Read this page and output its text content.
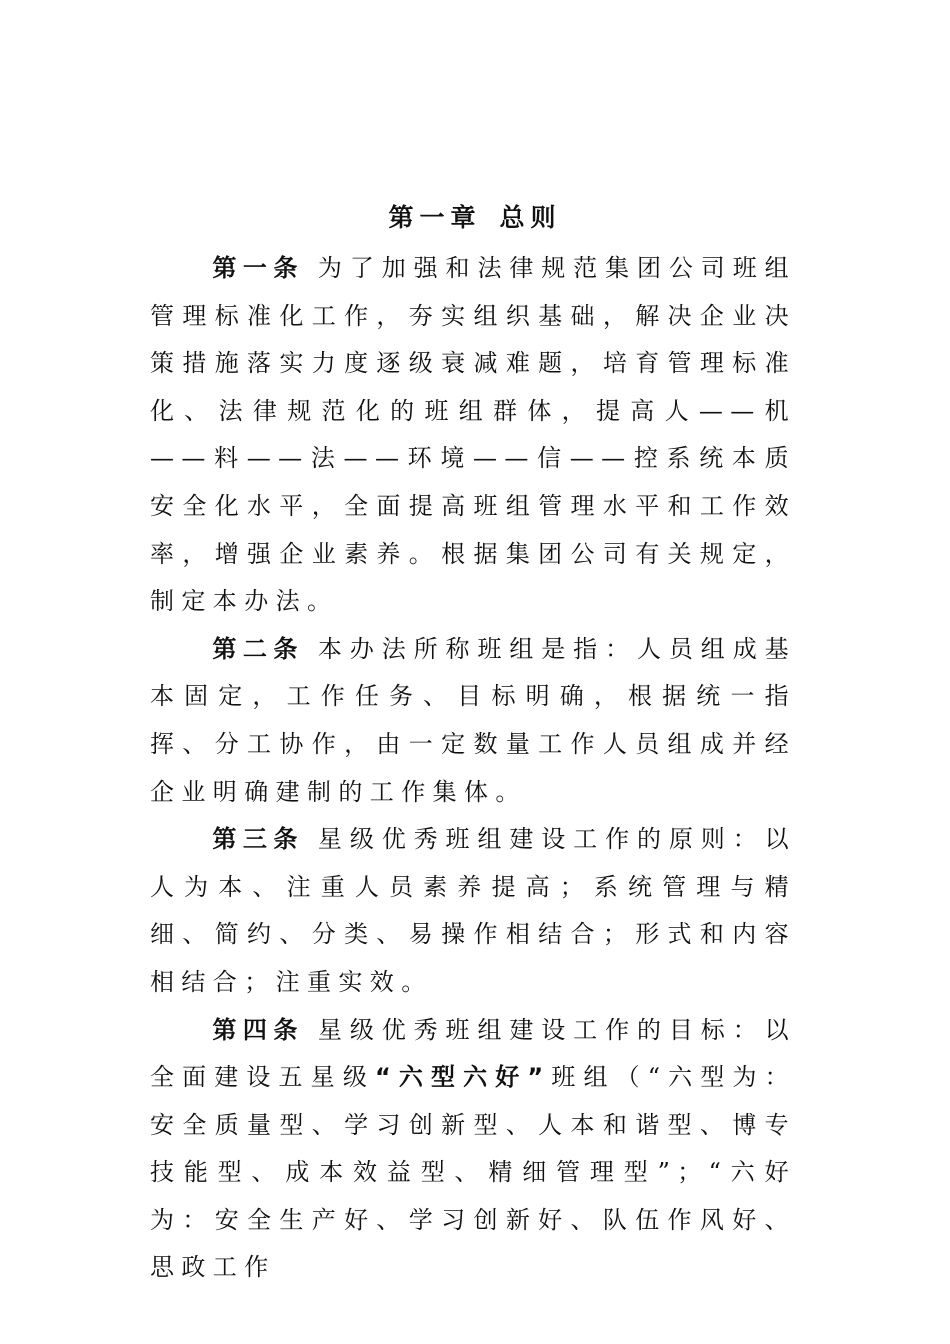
第一章 总则

第一条 为了加强和法律规范集团公司班组管理标准化工作，夯实组织基础，解决企业决策措施落实力度逐级衰减难题，培育管理标准化、法律规范化的班组群体，提高人——机——料——法——环境——信——控系统本质安全化水平，全面提高班组管理水平和工作效率，增强企业素养。根据集团公司有关规定，制定本办法。

第二条 本办法所称班组是指：人员组成基本固定，工作任务、目标明确，根据统一指挥、分工协作，由一定数量工作人员组成并经企业明确建制的工作集体。

第三条 星级优秀班组建设工作的原则：以人为本、注重人员素养提高；系统管理与精细、简约、分类、易操作相结合；形式和内容相结合；注重实效。

第四条 星级优秀班组建设工作的目标：以全面建设五星级“六型六好”班组（“六型为：安全质量型、学习创新型、人本和谐型、博专技能型、成本效益型、精细管理型”；“六好为：安全生产好、学习创新好、队伍作风好、思政工作
